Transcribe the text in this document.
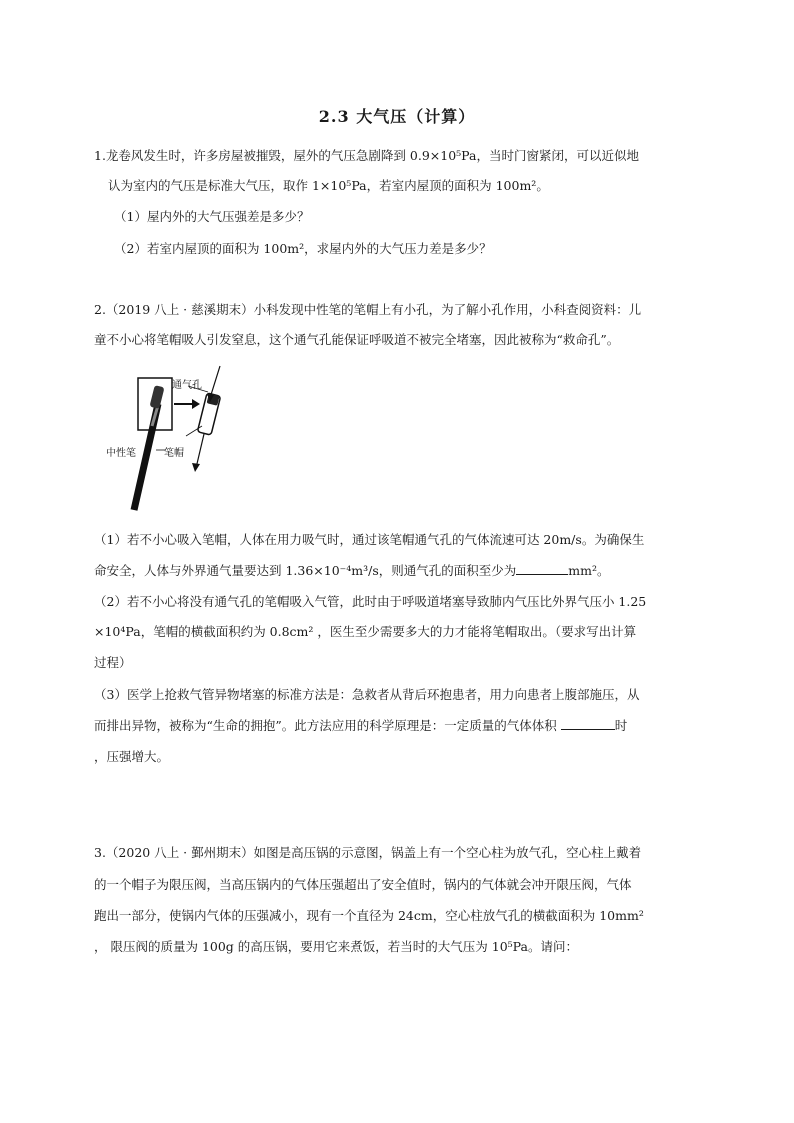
2.3 大气压（计算）
1.龙卷风发生时，许多房屋被摧毁，屋外的气压急剧降到 0.9×10⁵Pa，当时门窗紧闭，可以近似地
认为室内的气压是标准大气压，取作 1×10⁵Pa，若室内屋顶的面积为 100m²。
（1）屋内外的大气压强差是多少？
（2）若室内屋顶的面积为 100m²，求屋内外的大气压力差是多少？
2.（2019 八上 · 慈溪期末）小科发现中性笔的笔帽上有小孔，为了解小孔作用，小科查阅资料：儿
童不小心将笔帽吸人引发窒息，这个通气孔能保证呼吸道不被完全堵塞，因此被称为“救命孔”。
通气孔
中性笔	笔帽
（1）若不小心吸入笔帽，人体在用力吸气时，通过该笔帽通气孔的气体流速可达 20m/s。为确保生
命安全，人体与外界通气量要达到 1.36×10⁻⁴m³/s，则通气孔的面积至少为	mm²。
（2）若不小心将没有通气孔的笔帽吸入气管，此时由于呼吸道堵塞导致肺内气压比外界气压小 1.25
×10⁴Pa，笔帽的横截面积约为 0.8cm² ，医生至少需要多大的力才能将笔帽取出。（要求写出计算
过程）
（3）医学上抢救气管异物堵塞的标准方法是：急救者从背后环抱患者，用力向患者上腹部施压，从
而排出异物，被称为“生命的拥抱”。此方法应用的科学原理是：一定质量的气体体积	时
，压强增大。
3.（2020 八上 · 鄞州期末）如图是高压锅的示意图，锅盖上有一个空心柱为放气孔，空心柱上戴着
的一个帽子为限压阀，当高压锅内的气体压强超出了安全值时，锅内的气体就会冲开限压阀，气体
跑出一部分，使锅内气体的压强减小，现有一个直径为 24cm，空心柱放气孔的横截面积为 10mm²
， 限压阀的质量为 100g 的高压锅，要用它来煮饭，若当时的大气压为 10⁵Pa。请问：
